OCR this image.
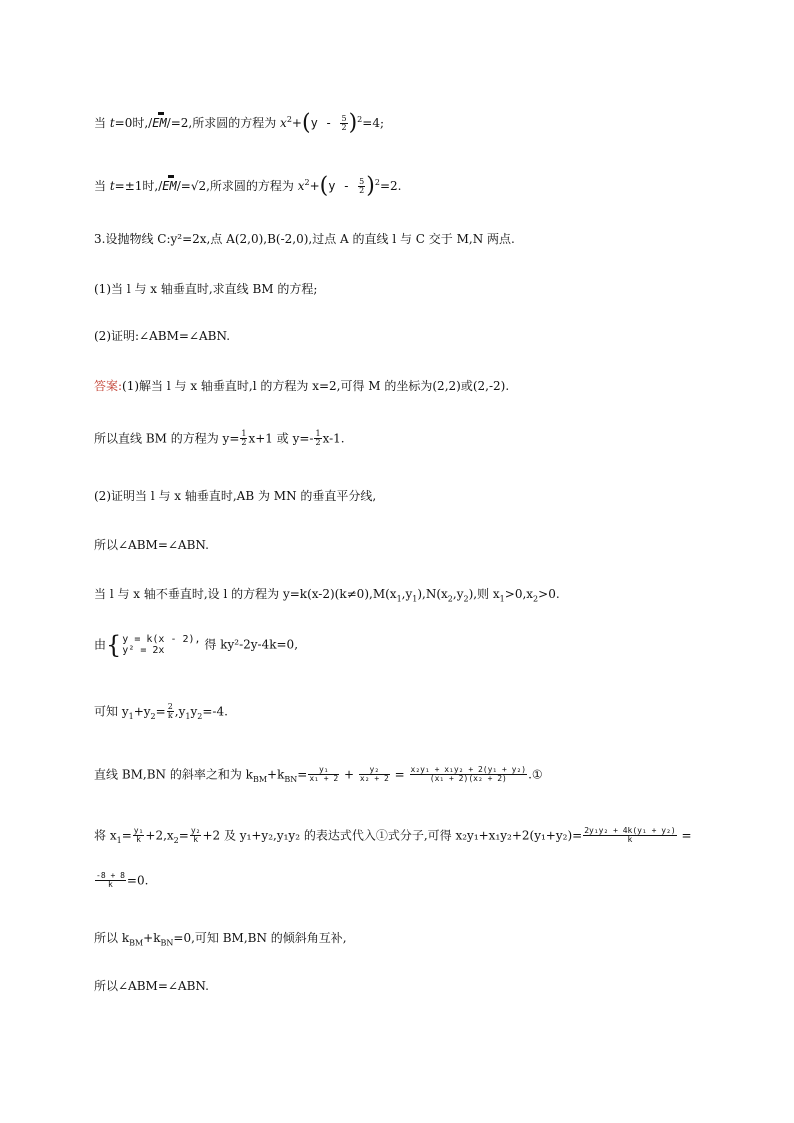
当 t=0时,/EM/=2,所求圆的方程为 $x^2+(y - \frac{5}{2} )^2=4$;
当 t=±1时,/EM/=√2,所求圆的方程为 $x^2+(y - \frac{5}{2} )^2=2$.
3.设抛物线 C:y²=2x,点 A(2,0),B(-2,0),过点 A 的直线 l 与 C 交于 M,N 两点.
(1)当 l 与 x 轴垂直时,求直线 BM 的方程;
(2)证明:∠ABM=∠ABN.
答案:(1)解当 l 与 x 轴垂直时,l 的方程为 x=2,可得 M 的坐标为(2,2)或(2,-2).
所以直线 BM 的方程为 $y= \frac{1}{2} x+1$ 或 $y=- \frac{1}{2} x-1$.
(2)证明当 l 与 x 轴垂直时,AB 为 MN 的垂直平分线,
所以∠ABM=∠ABN.
当 l 与 x 轴不垂直时,设 l 的方程为 $y=k(x-2)(k\ne 0),M(x_1,y_1),N(x_2,y_2)$,则 $x_1>0,x_2>0$.
由{ y = k(x - 2),
y² = 2x	得 ky²-2y-4k=0,
可知 $y_1+y_2= \frac{2}{k} ,y_1y_2=-4$.
直线 BM,BN 的斜率之和为 $k_{BM}+k_{BN}= \frac{\text{y₁}}{\text{x₁ + 2}} + \frac{\text{y₂}}{\text{x₂ + 2}} = \frac{\text{x₂y₁ + x₁y₂ + 2(y₁ + y₂)}}{\text{(x₁ + 2)(x₂ + 2)}}$ .①
将 $x_1= \frac{\text{y₁}}{k} +2,x_2= \frac{\text{y₂}}{k} +2$ 及 y₁+y₂,y₁y₂ 的表达式代入①式分子,可得 $x_2y_1+x_1y_2+2(y_1+y_2)= \frac{\text{2y₁y₂ + 4k(y₁ + y₂)}}{k}$ =
$\frac{-8 + 8}{k} =0$.
所以 $k_{BM}+k_{BN}=0$,可知 BM,BN 的倾斜角互补,
所以∠ABM=∠ABN.
